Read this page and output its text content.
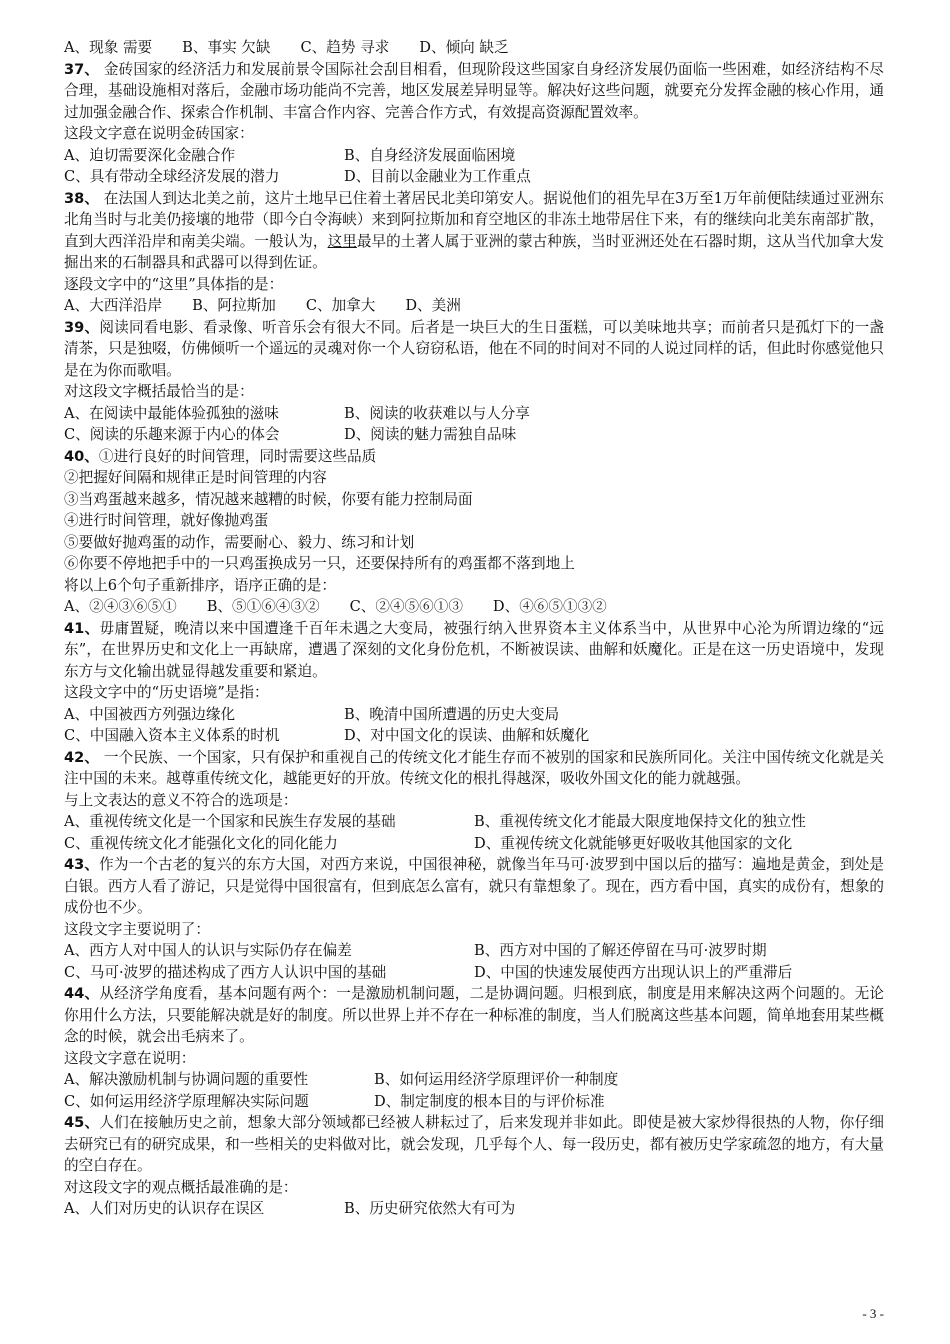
A、现象 需要 B、事实 欠缺 C、趋势 寻求 D、倾向 缺乏
37、 金砖国家的经济活力和发展前景令国际社会刮目相看，但现阶段这些国家自身经济发展仍面临一些困难，如经济结构不尽合理，基础设施相对落后，金融市场功能尚不完善，地区发展差异明显等。解决好这些问题，就要充分发挥金融的核心作用，通过加强金融合作、探索合作机制、丰富合作内容、完善合作方式，有效提高资源配置效率。
这段文字意在说明金砖国家：
A、迫切需要深化金融合作	B、自身经济发展面临困境
C、具有带动全球经济发展的潜力	D、目前以金融业为工作重点
38、 在法国人到达北美之前，这片土地早已住着土著居民北美印第安人。据说他们的祖先早在3万至1万年前便陆续通过亚洲东北角当时与北美仍接壤的地带（即今白令海峡）来到阿拉斯加和育空地区的非冻土地带居住下来，有的继续向北美东南部扩散，直到大西洋沿岸和南美尖端。一般认为，这里最早的土著人属于亚洲的蒙古种族，当时亚洲还处在石器时期，这从当代加拿大发掘出来的石制器具和武器可以得到佐证。
逐段文字中的“这里”具体指的是：
A、大西洋沿岸 B、阿拉斯加 C、加拿大 D、美洲
39、阅读同看电影、看录像、听音乐会有很大不同。后者是一块巨大的生日蛋糕，可以美味地共享；而前者只是孤灯下的一盏清茶，只是独啜，仿佛倾听一个遥远的灵魂对你一个人窃窃私语，他在不同的时间对不同的人说过同样的话，但此时你感觉他只是在为你而歌唱。
对这段文字概括最恰当的是：
A、在阅读中最能体验孤独的滋味	B、阅读的收获难以与人分享
C、阅读的乐趣来源于内心的体会	D、阅读的魅力需独自品味
40、①进行良好的时间管理，同时需要这些品质
②把握好间隔和规律正是时间管理的内容
③当鸡蛋越来越多，情况越来越糟的时候，你要有能力控制局面
④进行时间管理，就好像抛鸡蛋
⑤要做好抛鸡蛋的动作，需要耐心、毅力、练习和计划
⑥你要不停地把手中的一只鸡蛋换成另一只，还要保持所有的鸡蛋都不落到地上
将以上6个句子重新排序，语序正确的是：
A、②④③⑥⑤① B、⑤①⑥④③② C、②④⑤⑥①③ D、④⑥⑤①③②
41、毋庸置疑，晚清以来中国遭逢千百年未遇之大变局，被强行纳入世界资本主义体系当中，从世界中心沦为所谓边缘的“远东”，在世界历史和文化上一再缺席，遭遇了深刻的文化身份危机，不断被误读、曲解和妖魔化。正是在这一历史语境中，发现东方与文化输出就显得越发重要和紧迫。
这段文字中的“历史语境”是指：
A、中国被西方列强边缘化	B、晚清中国所遭遇的历史大变局
C、中国融入资本主义体系的时机	D、对中国文化的误读、曲解和妖魔化
42、 一个民族、一个国家，只有保护和重视自己的传统文化才能生存而不被别的国家和民族所同化。关注中国传统文化就是关注中国的未来。越尊重传统文化，越能更好的开放。传统文化的根扎得越深，吸收外国文化的能力就越强。
与上文表达的意义不符合的选项是：
A、重视传统文化是一个国家和民族生存发展的基础	B、重视传统文化才能最大限度地保持文化的独立性
C、重视传统文化才能强化文化的同化能力	D、重视传统文化就能够更好吸收其他国家的文化
43、作为一个古老的复兴的东方大国，对西方来说，中国很神秘，就像当年马可·波罗到中国以后的描写：遍地是黄金，到处是白银。西方人看了游记，只是觉得中国很富有，但到底怎么富有，就只有靠想象了。现在，西方看中国，真实的成份有，想象的成份也不少。
这段文字主要说明了：
A、西方人对中国人的认识与实际仍存在偏差	B、西方对中国的了解还停留在马可·波罗时期
C、马可·波罗的描述构成了西方人认识中国的基础	D、中国的快速发展使西方出现认识上的严重滞后
44、从经济学角度看，基本问题有两个：一是激励机制问题，二是协调问题。归根到底，制度是用来解决这两个问题的。无论你用什么方法，只要能解决就是好的制度。所以世界上并不存在一种标准的制度，当人们脱离这些基本问题，简单地套用某些概念的时候，就会出毛病来了。
这段文字意在说明：
A、解决激励机制与协调问题的重要性	B、如何运用经济学原理评价一种制度
C、如何运用经济学原理解决实际问题	D、制定制度的根本目的与评价标准
45、人们在接触历史之前，想象大部分领域都已经被人耕耘过了，后来发现并非如此。即使是被大家炒得很热的人物，你仔细去研究已有的研究成果，和一些相关的史料做对比，就会发现，几乎每个人、每一段历史，都有被历史学家疏忽的地方，有大量的空白存在。
对这段文字的观点概括最准确的是：
A、人们对历史的认识存在误区	B、历史研究依然大有可为
- 3 -
